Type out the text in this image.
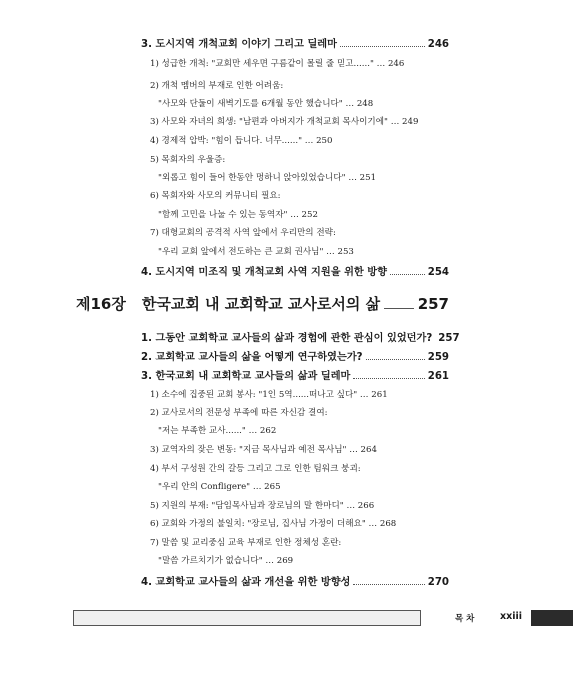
3. 도시지역 개척교회 이야기 그리고 딜레마	246
1) 성급한 개척: "교회만 세우면 구름같이 몰릴 줄 믿고......" … 246
2) 개척 멤버의 부재로 인한 어려움:
"사모와 단둘이 새벽기도를 6개월 동안 했습니다" … 248
3) 사모와 자녀의 희생: "남편과 아버지가 개척교회 목사이기에" … 249
4) 경제적 압박: "힘이 듭니다. 너무......" … 250
5) 목회자의 우울증:
"외롭고 힘이 들어 한동안 멍하니 앉아있었습니다" … 251
6) 목회자와 사모의 커뮤니티 필요:
"함께 고민을 나눌 수 있는 동역자" … 252
7) 대형교회의 공격적 사역 앞에서 우리만의 전략:
"우리 교회 앞에서 전도하는 큰 교회 권사님" … 253
4. 도시지역 미조직 및 개척교회 사역 지원을 위한 방향	254
제16장 한국교회 내 교회학교 교사로서의 삶	257
1. 그동안 교회학교 교사들의 삶과 경험에 관한 관심이 있었던가? 257
2. 교회학교 교사들의 삶을 어떻게 연구하였는가?	259
3. 한국교회 내 교회학교 교사들의 삶과 딜레마	261
1) 소수에 집중된 교회 봉사: "1인 5역......떠나고 싶다" … 261
2) 교사로서의 전문성 부족에 따른 자신감 결여:
"저는 부족한 교사......" … 262
3) 교역자의 잦은 변동: "지금 목사님과 예전 목사님" … 264
4) 부서 구성원 간의 갈등 그리고 그로 인한 팀워크 붕괴:
"우리 안의 Confligere" … 265
5) 지원의 부재: "담임목사님과 장로님의 말 한마디" … 266
6) 교회와 가정의 불일치: "장로님, 집사님 가정이 더해요" … 268
7) 말씀 및 교리중심 교육 부재로 인한 정체성 혼란:
"말씀 가르치기가 없습니다" … 269
4. 교회학교 교사들의 삶과 개선을 위한 방향성	270
목 차	xxiii
